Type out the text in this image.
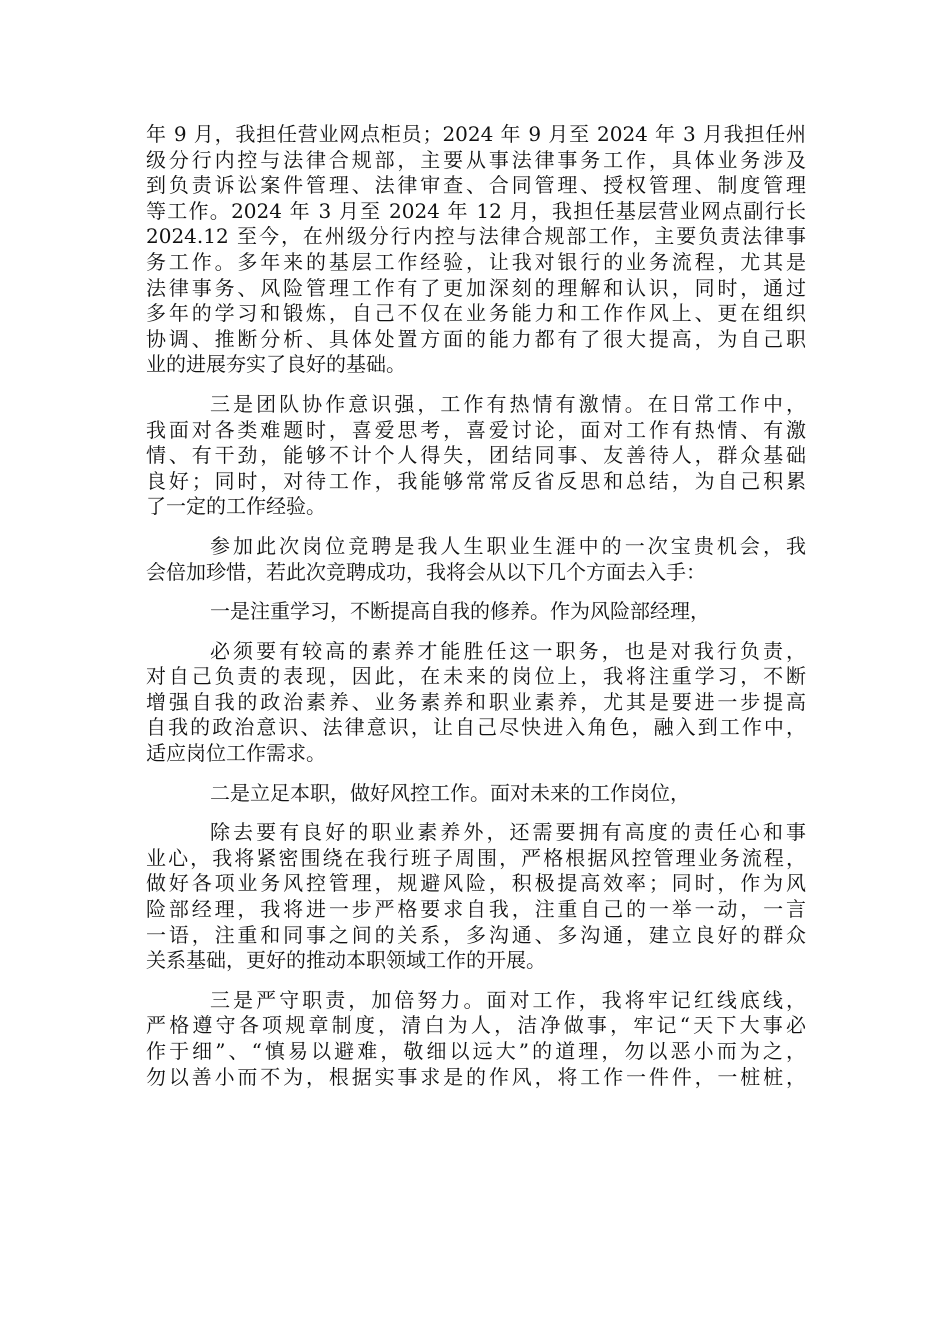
年 9 月，我担任营业网点柜员；2024 年 9 月至 2024 年 3 月我担任州
级分行内控与法律合规部，主要从事法律事务工作，具体业务涉及
到负责诉讼案件管理、法律审查、合同管理、授权管理、制度管理
等工作。2024 年 3 月至 2024 年 12 月，我担任基层营业网点副行长
2024.12 至今，在州级分行内控与法律合规部工作，主要负责法律事
务工作。多年来的基层工作经验，让我对银行的业务流程，尤其是
法律事务、风险管理工作有了更加深刻的理解和认识，同时，通过
多年的学习和锻炼，自己不仅在业务能力和工作作风上、更在组织
协调、推断分析、具体处置方面的能力都有了很大提高，为自己职
业的进展夯实了良好的基础。
三是团队协作意识强，工作有热情有激情。在日常工作中，
我面对各类难题时，喜爱思考，喜爱讨论，面对工作有热情、有激
情、有干劲，能够不计个人得失，团结同事、友善待人，群众基础
良好；同时，对待工作，我能够常常反省反思和总结，为自己积累
了一定的工作经验。
参加此次岗位竞聘是我人生职业生涯中的一次宝贵机会，我
会倍加珍惜，若此次竞聘成功，我将会从以下几个方面去入手：
一是注重学习，不断提高自我的修养。作为风险部经理，
必须要有较高的素养才能胜任这一职务，也是对我行负责，
对自己负责的表现，因此，在未来的岗位上，我将注重学习，不断
增强自我的政治素养、业务素养和职业素养，尤其是要进一步提高
自我的政治意识、法律意识，让自己尽快进入角色，融入到工作中，
适应岗位工作需求。
二是立足本职，做好风控工作。面对未来的工作岗位，
除去要有良好的职业素养外，还需要拥有高度的责任心和事
业心，我将紧密围绕在我行班子周围，严格根据风控管理业务流程，
做好各项业务风控管理，规避风险，积极提高效率；同时，作为风
险部经理，我将进一步严格要求自我，注重自己的一举一动，一言
一语，注重和同事之间的关系，多沟通、多沟通，建立良好的群众
关系基础，更好的推动本职领域工作的开展。
三是严守职责，加倍努力。面对工作，我将牢记红线底线，
严格遵守各项规章制度，清白为人，洁净做事，牢记“天下大事必
作于细”、“慎易以避难，敬细以远大”的道理，勿以恶小而为之，
勿以善小而不为，根据实事求是的作风，将工作一件件，一桩桩，
